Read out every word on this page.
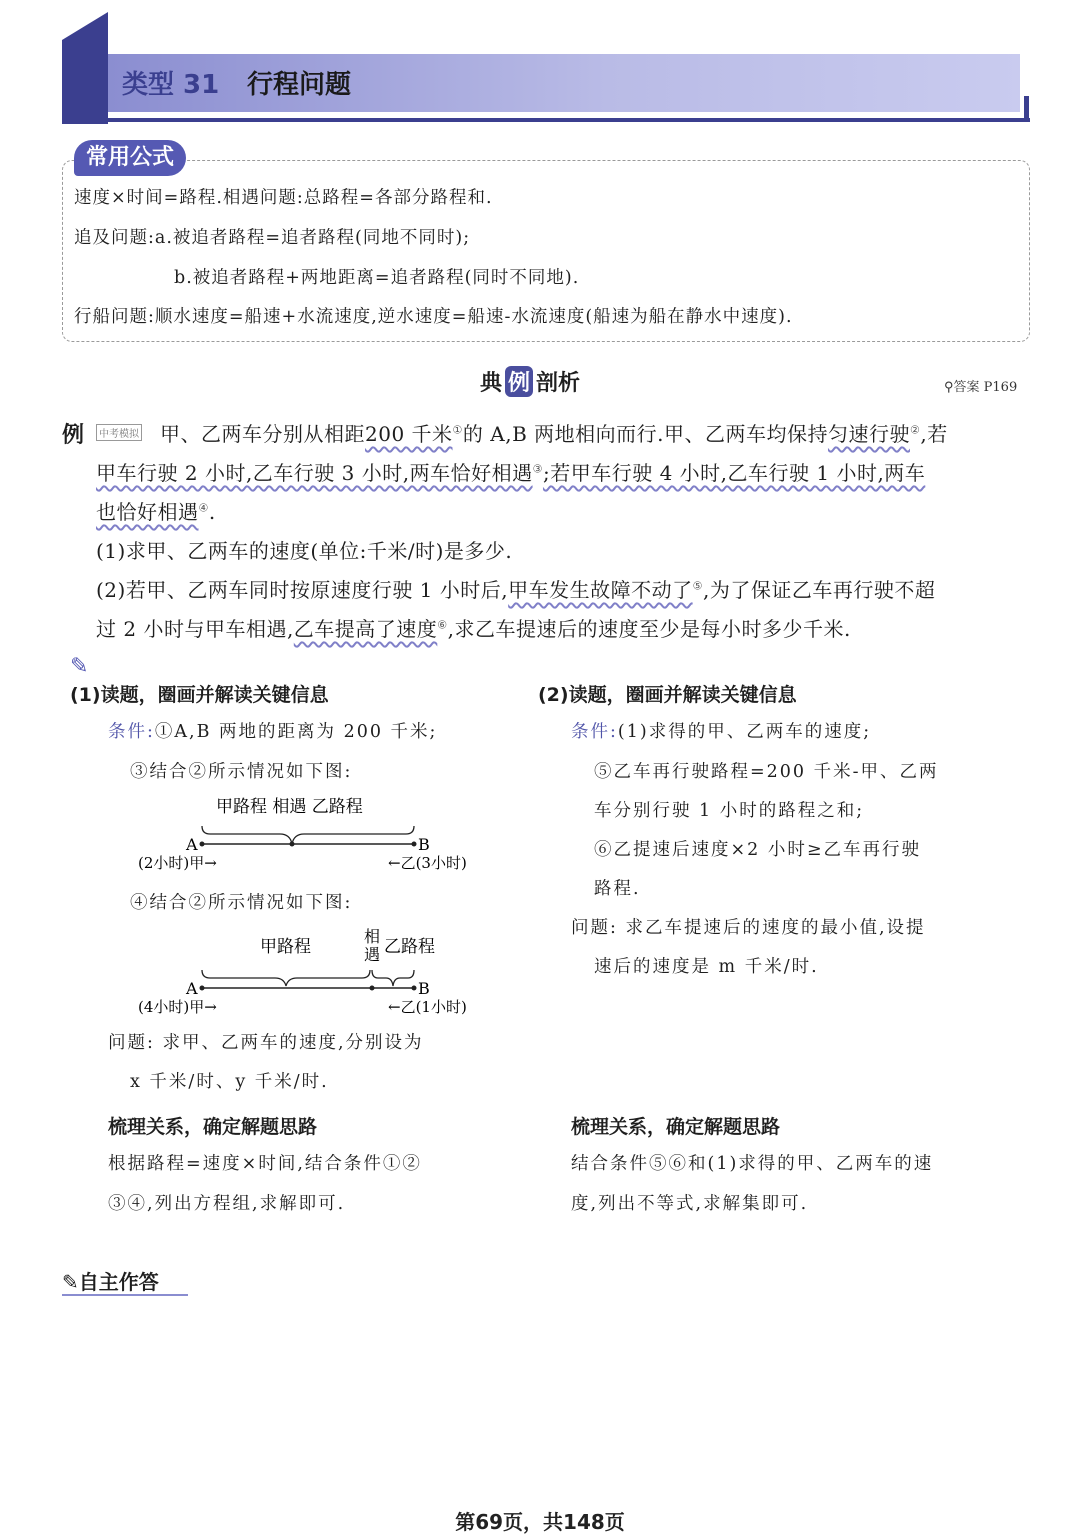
类型 31 行程问题
常用公式
速度×时间=路程.相遇问题:总路程=各部分路程和.
追及问题:a.被追者路程=追者路程(同地不同时);
b.被追者路程+两地距离=追者路程(同时不同地).
行船问题:顺水速度=船速+水流速度,逆水速度=船速-水流速度(船速为船在静水中速度).
典 例 剖析	⚲答案 P169
例	中考模拟 甲、乙两车分别从相距200 千米①的 A,B 两地相向而行.甲、乙两车均保持匀速行驶②,若
甲车行驶 2 小时,乙车行驶 3 小时,两车恰好相遇③;若甲车行驶 4 小时,乙车行驶 1 小时,两车
也恰好相遇④.
(1)求甲、乙两车的速度(单位:千米/时)是多少.
(2)若甲、乙两车同时按原速度行驶 1 小时后,甲车发生故障不动了⑤,为了保证乙车再行驶不超
过 2 小时与甲车相遇,乙车提高了速度⑥,求乙车提速后的速度至少是每小时多少千米.
✎
(1)读题，圈画并解读关键信息
条件:①A,B 两地的距离为 200 千米;
③结合②所示情况如下图:
甲路程 相遇 乙路程
A	B
(2小时)甲→	←乙(3小时)
④结合②所示情况如下图:
甲路程
相
遇 乙路程
A	B
(4小时)甲→	←乙(1小时)
问题: 求甲、乙两车的速度,分别设为
x 千米/时、y 千米/时.
梳理关系，确定解题思路
根据路程=速度×时间,结合条件①②
③④,列出方程组,求解即可.
(2)读题，圈画并解读关键信息
条件:(1)求得的甲、乙两车的速度;
⑤乙车再行驶路程=200 千米-甲、乙两
车分别行驶 1 小时的路程之和;
⑥乙提速后速度×2 小时≥乙车再行驶
路程.
问题: 求乙车提速后的速度的最小值,设提
速后的速度是 m 千米/时.
梳理关系，确定解题思路
结合条件⑤⑥和(1)求得的甲、乙两车的速
度,列出不等式,求解集即可.
✎自主作答
第69页，共148页
